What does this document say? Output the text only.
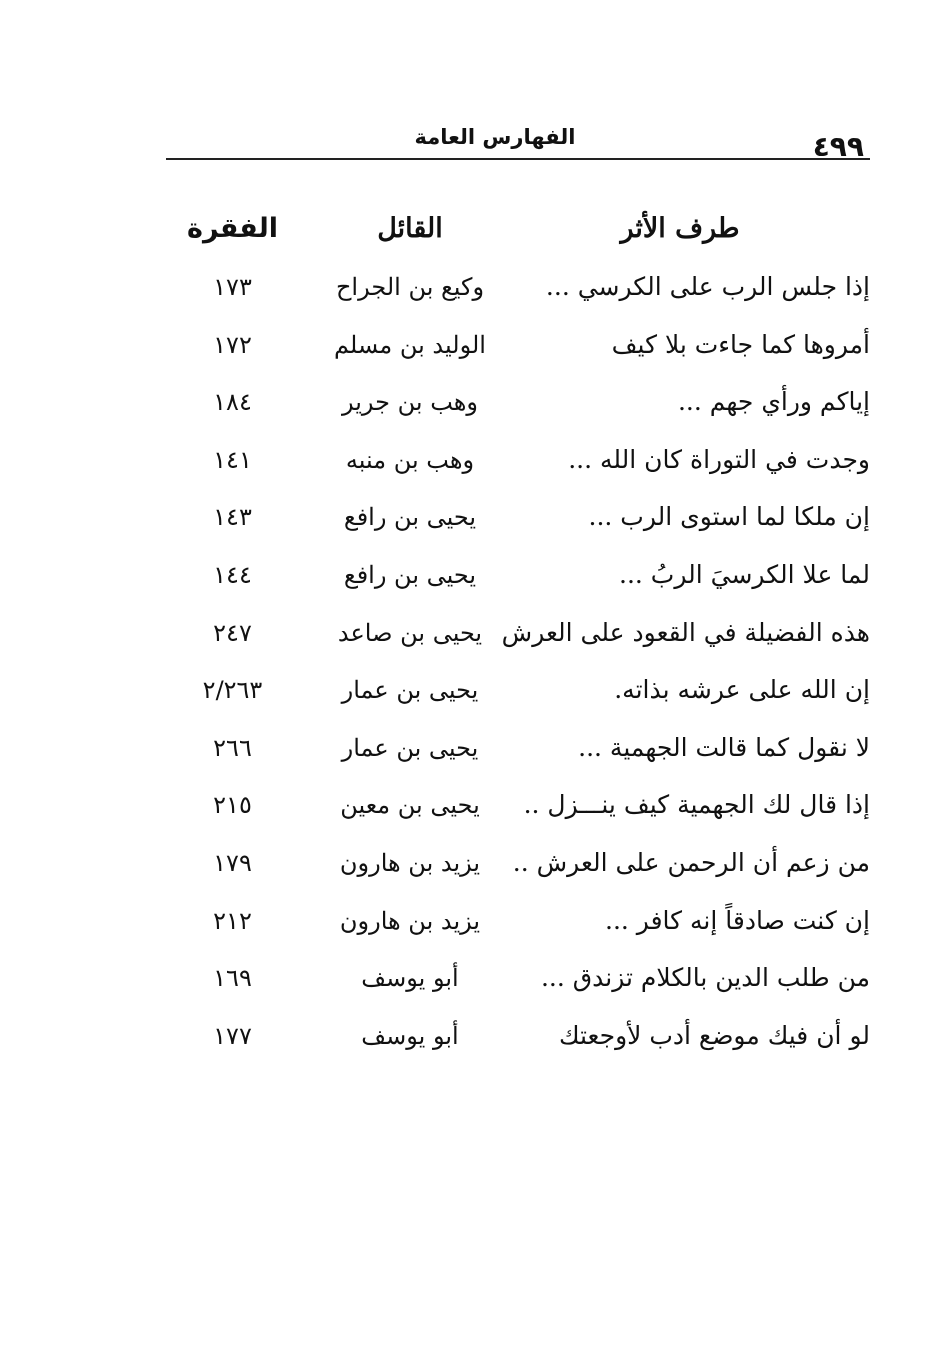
٤٩٩
الفهارس العامة
طرف الأثر
القائل
الفقرة
إذا جلس الرب على الكرسي ...
وكيع بن الجراح
١٧٣
أمروها كما جاءت بلا كيف
الوليد بن مسلم
١٧٢
إياكم ورأي جهم ...
وهب بن جرير
١٨٤
وجدت في التوراة كان الله ...
وهب بن منبه
١٤١
إن ملكا لما استوى الرب ...
يحيى بن رافع
١٤٣
لما علا الكرسيَ الربُ ...
يحيى بن رافع
١٤٤
هذه الفضيلة في القعود على العرش
يحيى بن صاعد
٢٤٧
إن الله على عرشه بذاته.
يحيى بن عمار
٢/٢٦٣
لا نقول كما قالت الجهمية ...
يحيى بن عمار
٢٦٦
إذا قال لك الجهمية كيف ينـــزل ..
يحيى بن معين
٢١٥
من زعم أن الرحمن على العرش ..
يزيد بن هارون
١٧٩
إن كنت صادقاً إنه كافر ...
يزيد بن هارون
٢١٢
من طلب الدين بالكلام تزندق ...
أبو يوسف
١٦٩
لو أن فيك موضع أدب لأوجعتك
أبو يوسف
١٧٧
